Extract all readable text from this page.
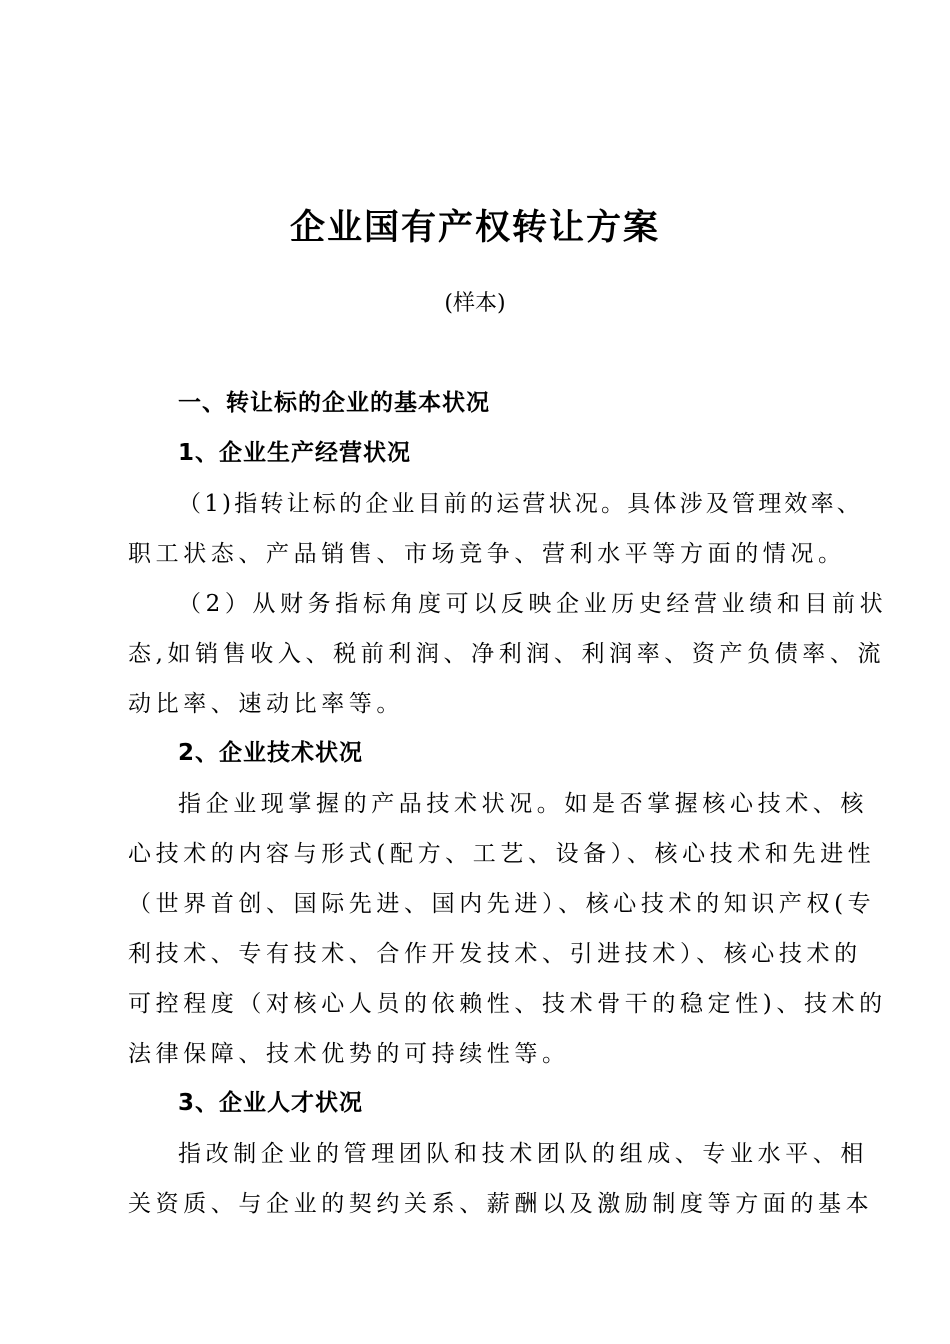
企业国有产权转让方案
(样本)
一、转让标的企业的基本状况
1、企业生产经营状况
（1)指转让标的企业目前的运营状况。具体涉及管理效率、
职工状态、产品销售、市场竞争、营利水平等方面的情况。
（2）从财务指标角度可以反映企业历史经营业绩和目前状
态,如销售收入、税前利润、净利润、利润率、资产负债率、流
动比率、速动比率等。
2、企业技术状况
指企业现掌握的产品技术状况。如是否掌握核心技术、核
心技术的内容与形式(配方、工艺、设备）、核心技术和先进性
（世界首创、国际先进、国内先进）、核心技术的知识产权(专
利技术、专有技术、合作开发技术、引进技术）、核心技术的
可控程度（对核心人员的依赖性、技术骨干的稳定性)、技术的
法律保障、技术优势的可持续性等。
3、企业人才状况
指改制企业的管理团队和技术团队的组成、专业水平、相
关资质、与企业的契约关系、薪酬以及激励制度等方面的基本
